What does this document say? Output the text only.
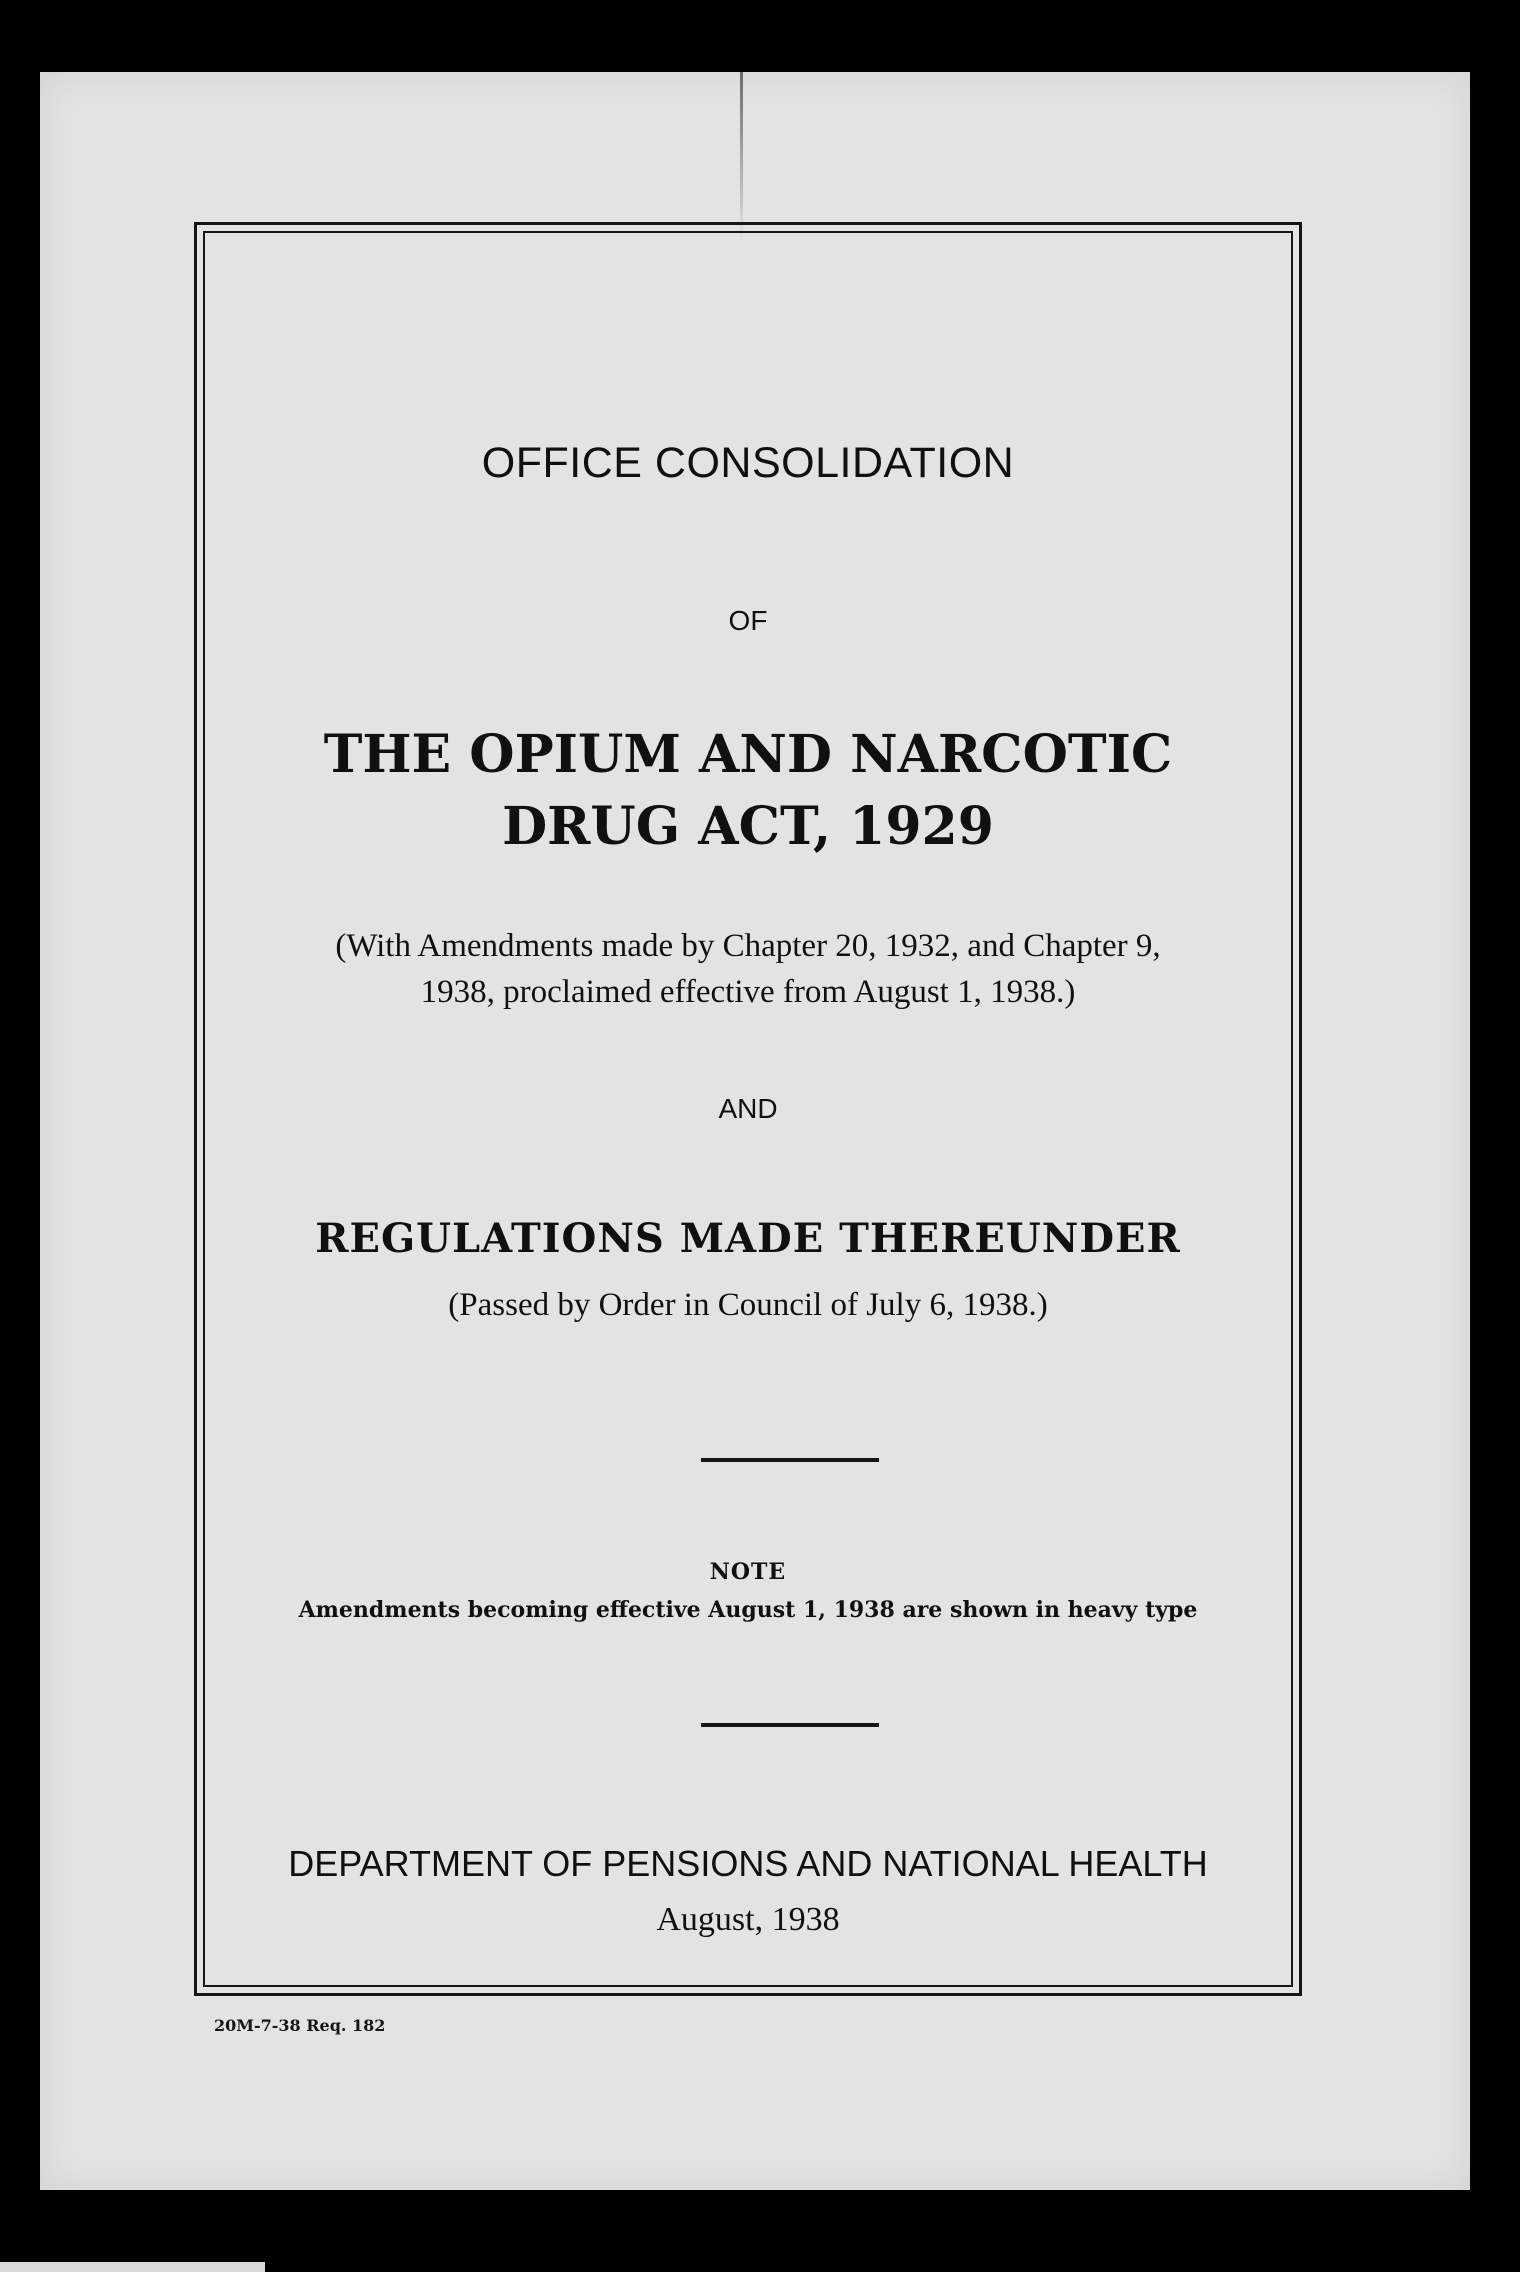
OFFICE CONSOLIDATION

OF

THE OPIUM AND NARCOTIC
DRUG ACT, 1929
(With Amendments made by Chapter 20, 1932, and Chapter 9,
1938, proclaimed effective from August 1, 1938.)

AND

REGULATIONS MADE THEREUNDER

(Passed by Order in Council of July 6, 1938.)

NOTE

Amendments becoming effective August 1, 1938 are shown in heavy type

DEPARTMENT OF PENSIONS AND NATIONAL HEALTH

August, 1938

20M-7-38 Req. 182
